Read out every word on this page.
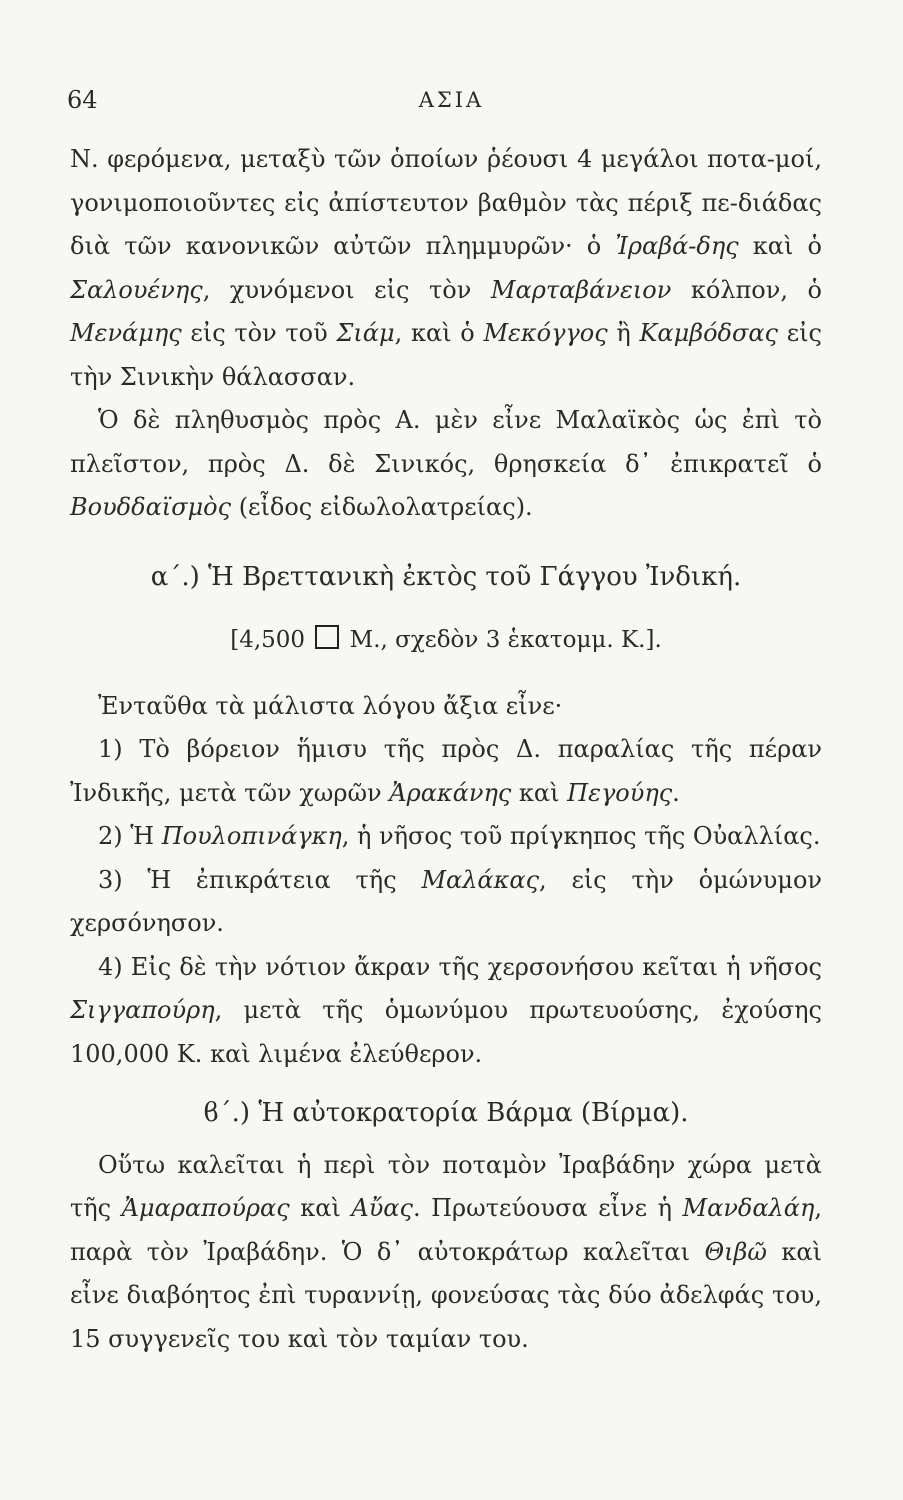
64	ΑΣΙΑ

Ν. φερόμενα, μεταξὺ τῶν ὁποίων ῥέουσι 4 μεγάλοι ποτα-μοί, γονιμοποιοῦντες εἰς ἀπίστευτον βαθμὸν τὰς πέριξ πε-διάδας διὰ τῶν κανονικῶν αὐτῶν πλημμυρῶν· ὁ Ἰραβά-δης καὶ ὁ Σαλουένης, χυνόμενοι εἰς τὸν Μαρταβάνειον κόλπον, ὁ Μενάμης εἰς τὸν τοῦ Σιάμ, καὶ ὁ Μεκόγγος ἢ Καμβόδσας εἰς τὴν Σινικὴν θάλασσαν.

Ὁ δὲ πληθυσμὸς πρὸς Α. μὲν εἶνε Μαλαϊκὸς ὡς ἐπὶ τὸ πλεῖστον, πρὸς Δ. δὲ Σινικός, θρησκεία δ᾽ ἐπικρατεῖ ὁ Βουδδαϊσμὸς (εἶδος εἰδωλολατρείας).

α΄.) Ἡ Βρεττανικὴ ἐκτὸς τοῦ Γάγγου Ἰνδική.
[4,500 Μ., σχεδὸν 3 ἑκατομμ. Κ.].

Ἐνταῦθα τὰ μάλιστα λόγου ἄξια εἶνε·

1) Τὸ βόρειον ἥμισυ τῆς πρὸς Δ. παραλίας τῆς πέραν Ἰνδικῆς, μετὰ τῶν χωρῶν Ἀρακάνης καὶ Πεγούης.

2) Ἡ Πουλοπινάγκη, ἡ νῆσος τοῦ πρίγκηπος τῆς Οὐαλλίας.

3) Ἡ ἐπικράτεια τῆς Μαλάκας, εἰς τὴν ὁμώνυμον χερσόνησον.

4) Εἰς δὲ τὴν νότιον ἄκραν τῆς χερσονήσου κεῖται ἡ νῆσος Σιγγαπούρη, μετὰ τῆς ὁμωνύμου πρωτευούσης, ἐχούσης 100,000 Κ. καὶ λιμένα ἐλεύθερον.

ϐ΄.) Ἡ αὐτοκρατορία Βάρμα (Βίρμα).

Οὕτω καλεῖται ἡ περὶ τὸν ποταμὸν Ἰραβάδην χώρα μετὰ τῆς Ἀμαραπούρας καὶ Αὔας. Πρωτεύουσα εἶνε ἡ Μανδαλάη, παρὰ τὸν Ἰραβάδην. Ὁ δ᾽ αὐτοκράτωρ καλεῖται Θιβῶ καὶ εἶνε διαβόητος ἐπὶ τυραννίῃ, φονεύσας τὰς δύο ἀδελφάς του, 15 συγγενεῖς του καὶ τὸν ταμίαν του.
